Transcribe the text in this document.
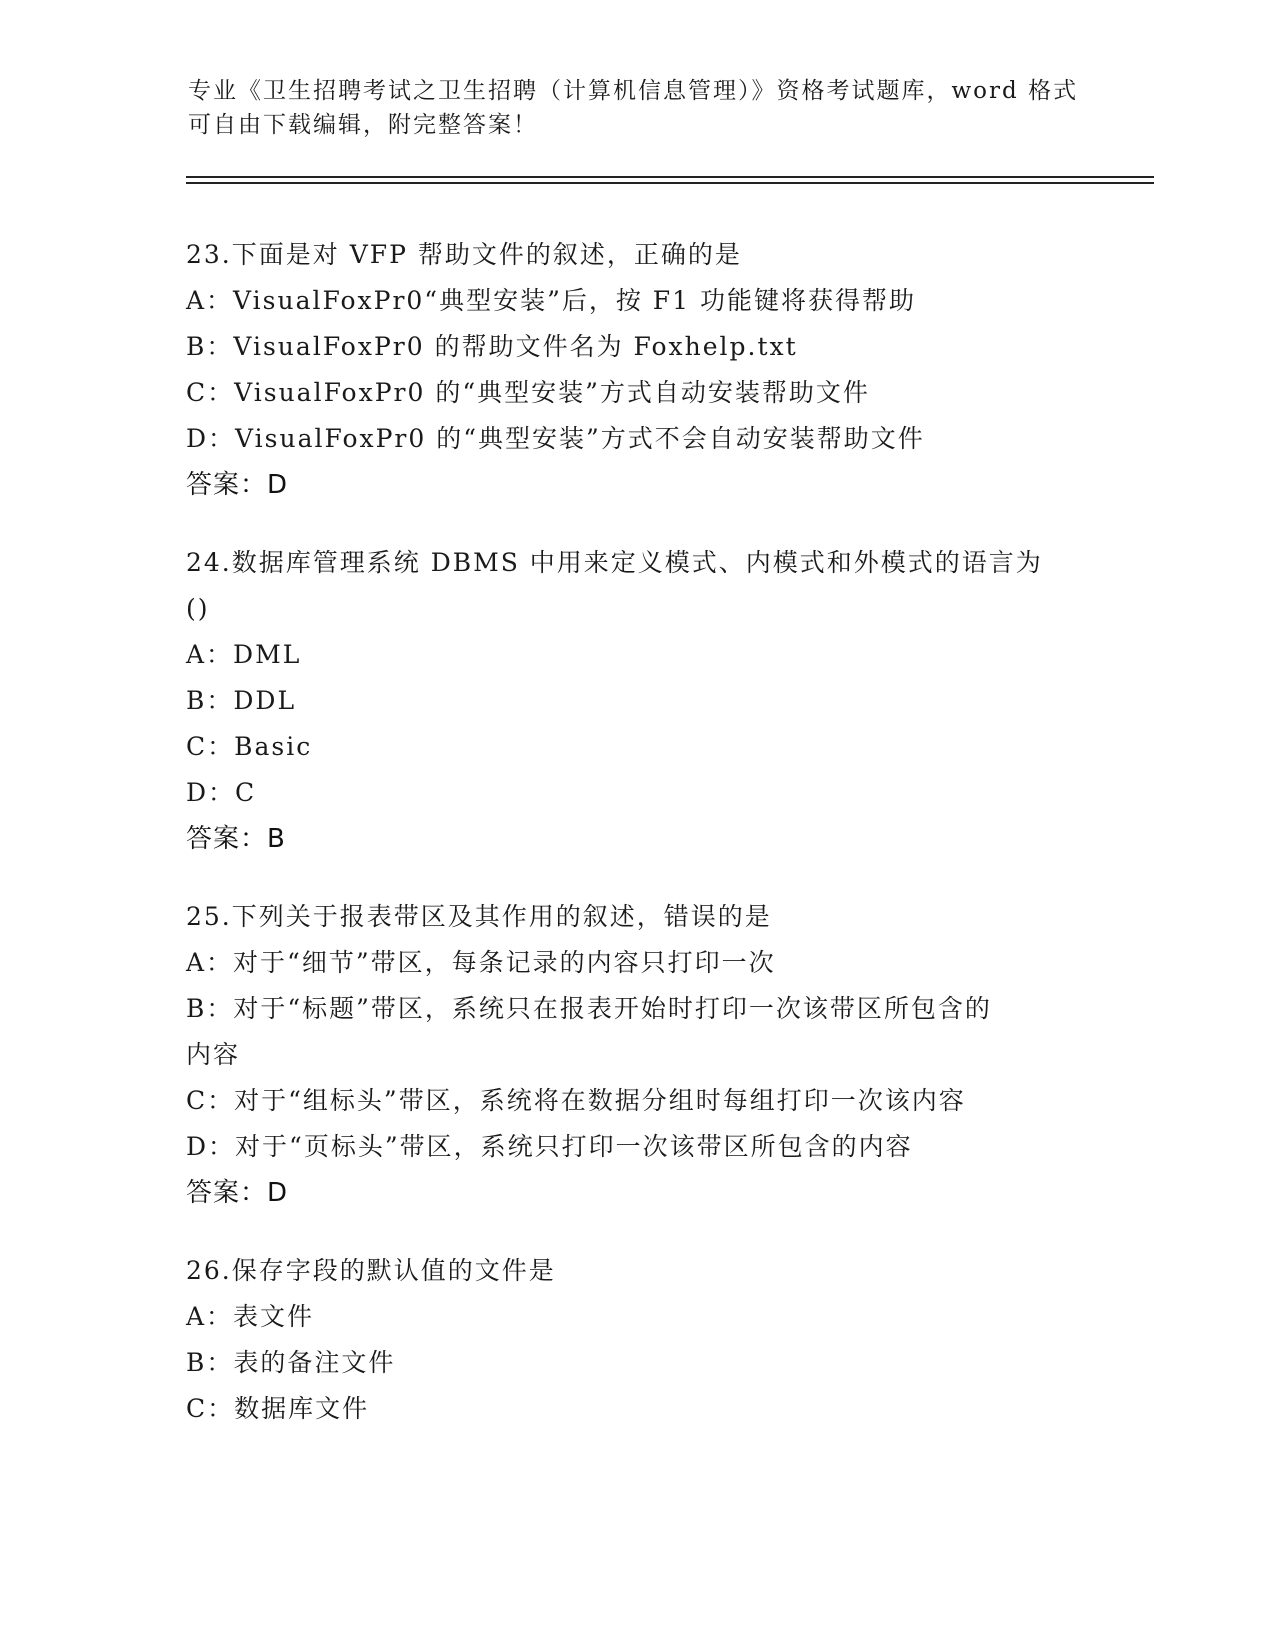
专业《卫生招聘考试之卫生招聘（计算机信息管理）》资格考试题库，word 格式
可自由下载编辑，附完整答案！
23.下面是对 VFP 帮助文件的叙述，正确的是
A：VisualFoxPr0“典型安装”后，按 F1 功能键将获得帮助
B：VisualFoxPr0 的帮助文件名为 Foxhelp.txt
C：VisualFoxPr0 的“典型安装”方式自动安装帮助文件
D：VisualFoxPr0 的“典型安装”方式不会自动安装帮助文件
答案：D
24.数据库管理系统 DBMS 中用来定义模式、内模式和外模式的语言为
()
A：DML
B：DDL
C：Basic
D：C
答案：B
25.下列关于报表带区及其作用的叙述，错误的是
A：对于“细节”带区，每条记录的内容只打印一次
B：对于“标题”带区，系统只在报表开始时打印一次该带区所包含的
内容
C：对于“组标头”带区，系统将在数据分组时每组打印一次该内容
D：对于“页标头”带区，系统只打印一次该带区所包含的内容
答案：D
26.保存字段的默认值的文件是
A：表文件
B：表的备注文件
C：数据库文件
